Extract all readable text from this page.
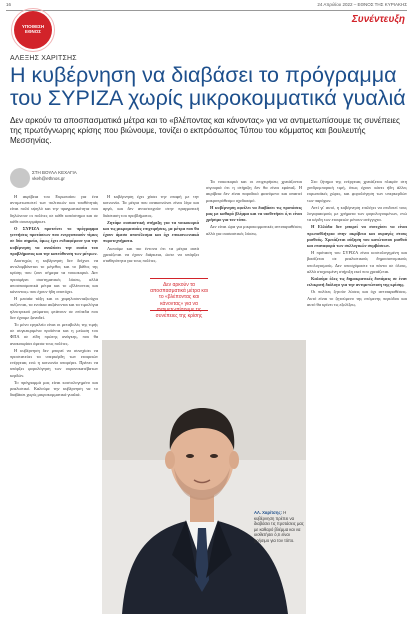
16	24 Απριλίου 2022 – ΕΘΝΟΣ ΤΗΣ ΚΥΡΙΑΚΗΣ
ΥΠΟΘΕΣΗ ΕΘΝΟΣ
Συνέντευξη
ΑΛΕΞΗΣ ΧΑΡΙΤΣΗΣ
Η κυβέρνηση να διαβάσει το πρόγραμμα του ΣΥΡΙΖΑ χωρίς μικροκομματικά γυαλιά
Δεν αρκούν τα αποσπασματικά μέτρα και το «βλέποντας και κάνοντας» για να αντιμετωπίσουμε τις συνέπειες της πρωτόγνωρης κρίσης που βιώνουμε, τονίζει ο εκπρόσωπος Τύπου του κόμματος και βουλευτής Μεσσηνίας.
ΣΤΗ ΒΟΥΛΑ ΚΕΧΑΓΙΑ
vkeh@ethnos.gr

Η ακρίβεια του Ευρωπαίου για ένα αντιμετωπιστεί των πολιτικών και ταυθότητάς είναι πολύ υψηλό και την πραγματικότητα που δηλώνουν οι πολίτες σε κάθε κατάστημα και σε κάθε σουπερμάρκετ.

Ο ΣΥΡΙΖΑ προτείνει το πρόγραμμα γεννήσεις προτάσεων που ενεργοποιούν τίμιες σε δύο σημεία, όμως έχει ενδιαφέρουν για την κυβέρνηση να αναλύσει την ουσία του προβλήματος και την κατεύθυνση των μέτρων.

Δυστυχώς η κυβέρνηση δεν δείχνει να αντιλαμβάνεται το μέγεθος και το βάθος της κρίσης που ζουν σήμερα τα νοικοκυριά. Δεν προσφέρει συστηματικές λύσεις, αλλά αποσπασματικά μέτρα και το «βλέποντας και κάνοντας» που έχουν ήδη αποτύχει.

Η μεσαία τάξη και οι χαμηλοσυνταξιούχοι πιέζονται, τα ενοίκια αυξάνονται και τα τιμολόγια ηλεκτρικού ρεύματος φτάνουν σε επίπεδα που δεν έχουμε ξαναδεί.

Το μόνο εργαλείο είναι οι μεταβολές της τιμής σε συγκεκριμένα προϊόντα και η μείωση του ΦΠΑ σε είδη πρώτης ανάγκης, που θα ανακουφίσει άμεσα τους πολίτες.

Η κυβέρνηση δεν μπορεί να συνεχίσει να προστατεύει τα υπερκέρδη των εταιρειών ενέργειας ενώ η κοινωνία υποφέρει. Πρέπει να υπάρξει φορολόγηση των ουρανοκατέβατων κερδών.

Το πρόγραμμά μας είναι κοστολογημένο και ρεαλιστικό. Καλούμε την κυβέρνηση να το διαβάσει χωρίς μικροκομματικά γυαλιά.

Η κυβέρνηση έχει χάσει την επαφή με την κοινωνία. Τα μέτρα που ανακοινώνει είναι λίγα και αργά, και δεν αντιστοιχούν στην πραγματική διάσταση του προβλήματος.

Ζητάμε ουσιαστική στήριξη για τα νοικοκυριά και τις μικρομεσαίες επιχειρήσεις, με μέτρα που θα έχουν άμεσο αποτέλεσμα και όχι επικοινωνιακά πυροτεχνήματα.

Λυπούμε και πιο έντονα ότι τα μέτρα αυτά χρειάζεται να έχουν διάρκεια, ώστε να υπάρξει σταθερότητα για τους πολίτες.

Δεν αρκούν τα αποσπασματικά μέτρα και το «βλέποντας και κάνοντας» για να αντιμετωπίσουμε τις συνέπειες της κρίσης

Τα νοικοκυριά και οι επιχειρήσεις χρειάζονται σιγουριά ότι η στήριξη δεν θα είναι εφάπαξ. Η ακρίβεια δεν είναι παροδικό φαινόμενο και απαιτεί μακροπρόθεσμο σχεδιασμό.

Η κυβέρνηση οφείλει να διαβάσει τις προτάσεις μας με καθαρό βλέμμα και να υιοθετήσει ό,τι είναι χρήσιμο για τον τόπο.

Δεν είναι ώρα για μικροκομματικές αντιπαραθέσεις αλλά για ουσιαστικές λύσεις.

Στο ζήτημα της ενέργειας χρειάζεται πλαφόν στη χονδρεμπορική τιμή, όπως έχουν κάνει ήδη άλλες ευρωπαϊκές χώρες, και φορολόγηση των υπερκερδών των παρόχων.

Αντί γι' αυτό, η κυβέρνηση επιλέγει να επιδοτεί τους λογαριασμούς με χρήματα των φορολογουμένων, ενώ τα κέρδη των εταιρειών μένουν ανέγγιχτα.

Η Ελλάδα δεν μπορεί να συνεχίσει να είναι πρωταθλήτρια στην ακρίβεια και ουραγός στους μισθούς. Χρειάζεται αύξηση του κατώτατου μισθού και επαναφορά των συλλογικών συμβάσεων.

Η πρόταση του ΣΥΡΙΖΑ είναι κοστολογημένη και βασίζεται σε ρεαλιστικούς δημοσιονομικούς υπολογισμούς. Δεν υποσχόμαστε τα πάντα σε όλους, αλλά στοχευμένη στήριξη εκεί που χρειάζεται.

Καλούμε όλες τις δημοκρατικές δυνάμεις σε έναν ειλικρινή διάλογο για την αντιμετώπιση της κρίσης.

Οι πολίτες ζητούν λύσεις και όχι αντιπαραθέσεις. Αυτό είναι το ζητούμενο της επόμενης περιόδου και αυτό θα κρίνει τις εξελίξεις.

ΑΛ. Χαρίτσης: Η κυβέρνηση πρέπει να διαβάσει τις προτάσεις μας με καθαρό βλέμμα και να υιοθετήσει ό,τι είναι χρήσιμο για τον τόπο.
